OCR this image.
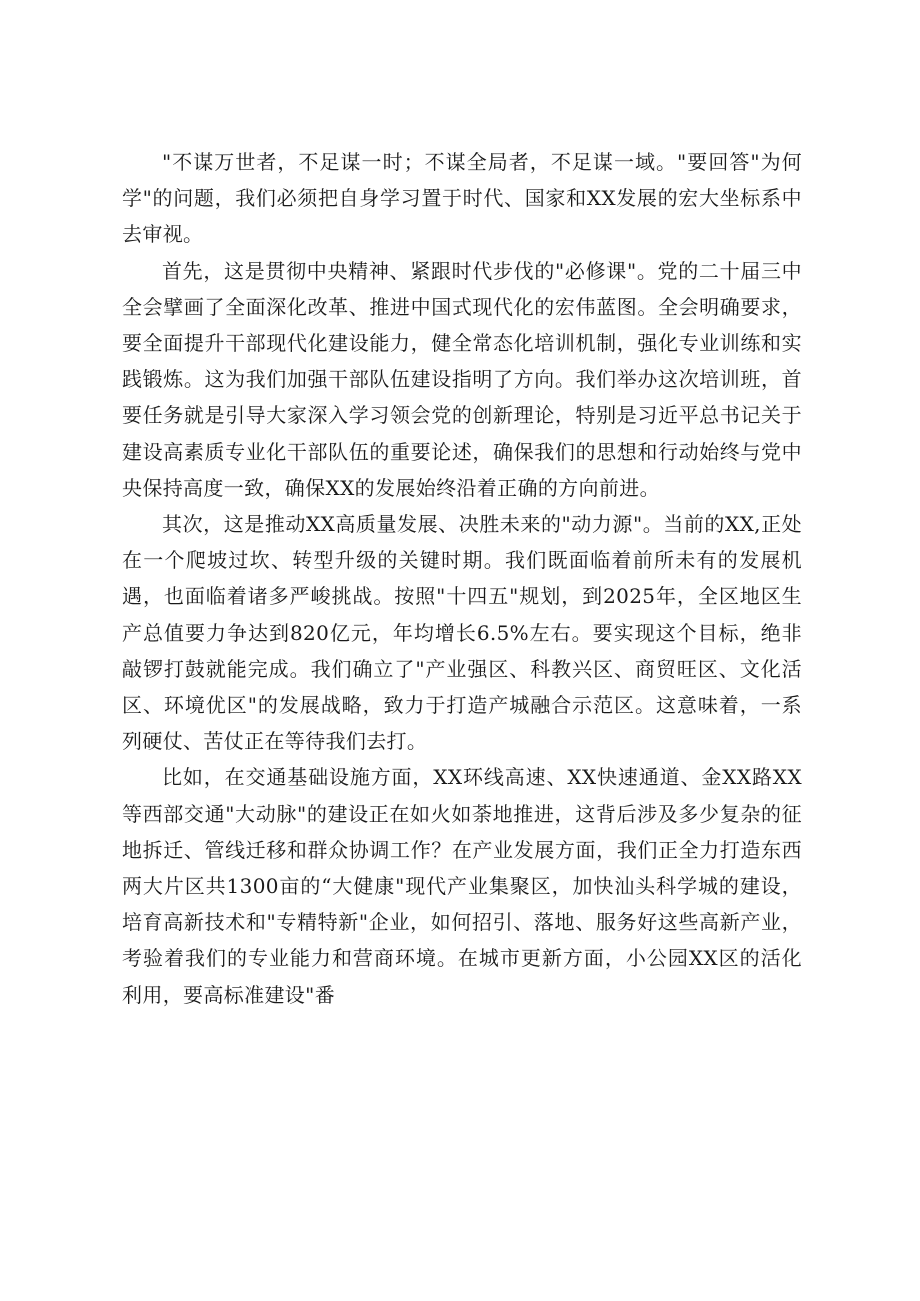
"不谋万世者，不足谋一时；不谋全局者，不足谋一域。"要回答"为何学"的问题，我们必须把自身学习置于时代、国家和XX发展的宏大坐标系中去审视。

首先，这是贯彻中央精神、紧跟时代步伐的"必修课"。党的二十届三中全会擘画了全面深化改革、推进中国式现代化的宏伟蓝图。全会明确要求，要全面提升干部现代化建设能力，健全常态化培训机制，强化专业训练和实践锻炼。这为我们加强干部队伍建设指明了方向。我们举办这次培训班，首要任务就是引导大家深入学习领会党的创新理论，特别是习近平总书记关于建设高素质专业化干部队伍的重要论述，确保我们的思想和行动始终与党中央保持高度一致，确保XX的发展始终沿着正确的方向前进。

其次，这是推动XX高质量发展、决胜未来的"动力源"。当前的XX,正处在一个爬坡过坎、转型升级的关键时期。我们既面临着前所未有的发展机遇，也面临着诸多严峻挑战。按照"十四五"规划，到2025年，全区地区生产总值要力争达到820亿元，年均增长6.5%左右。要实现这个目标，绝非敲锣打鼓就能完成。我们确立了"产业强区、科教兴区、商贸旺区、文化活区、环境优区"的发展战略，致力于打造产城融合示范区。这意味着，一系列硬仗、苦仗正在等待我们去打。

比如，在交通基础设施方面，XX环线高速、XX快速通道、金XX路XX等西部交通"大动脉"的建设正在如火如荼地推进，这背后涉及多少复杂的征地拆迁、管线迁移和群众协调工作？在产业发展方面，我们正全力打造东西两大片区共1300亩的“大健康"现代产业集聚区，加快汕头科学城的建设，培育高新技术和"专精特新"企业，如何招引、落地、服务好这些高新产业，考验着我们的专业能力和营商环境。在城市更新方面，小公园XX区的活化利用，要高标准建设"番
